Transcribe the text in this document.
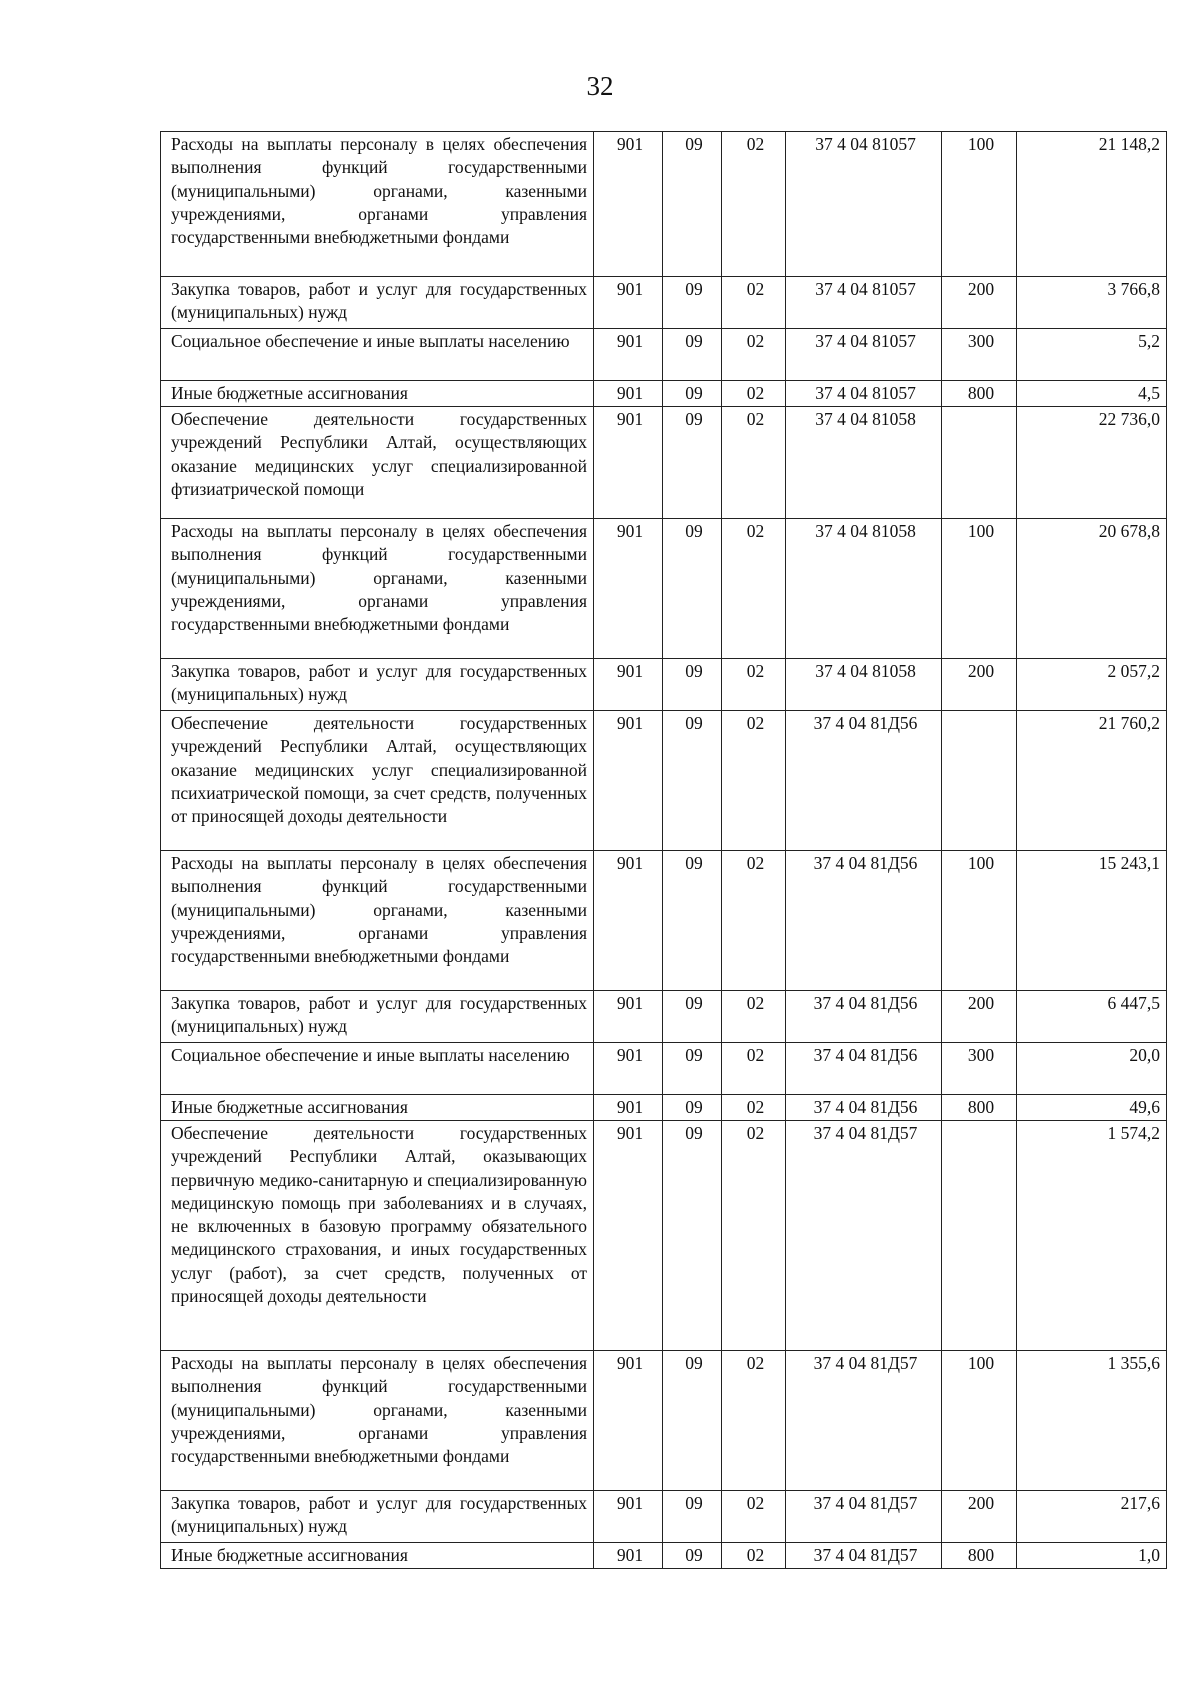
32
Расходы на выплаты персоналу в целях обеспечения выполнения функций государственными (муниципальными) органами, казенными учреждениями, органами управления государственными внебюджетными фондами	901	09	02	37 4 04 81057	100	21 148,2
Закупка товаров, работ и услуг для государственных (муниципальных) нужд	901	09	02	37 4 04 81057	200	3 766,8
Социальное обеспечение и иные выплаты населению	901	09	02	37 4 04 81057	300	5,2
Иные бюджетные ассигнования	901	09	02	37 4 04 81057	800	4,5
Обеспечение деятельности государственных учреждений Республики Алтай, осуществляющих оказание медицинских услуг специализированной фтизиатрической помощи	901	09	02	37 4 04 81058		22 736,0
Расходы на выплаты персоналу в целях обеспечения выполнения функций государственными (муниципальными) органами, казенными учреждениями, органами управления государственными внебюджетными фондами	901	09	02	37 4 04 81058	100	20 678,8
Закупка товаров, работ и услуг для государственных (муниципальных) нужд	901	09	02	37 4 04 81058	200	2 057,2
Обеспечение деятельности государственных учреждений Республики Алтай, осуществляющих оказание медицинских услуг специализированной психиатрической помощи, за счет средств, полученных от приносящей доходы деятельности	901	09	02	37 4 04 81Д56		21 760,2
Расходы на выплаты персоналу в целях обеспечения выполнения функций государственными (муниципальными) органами, казенными учреждениями, органами управления государственными внебюджетными фондами	901	09	02	37 4 04 81Д56	100	15 243,1
Закупка товаров, работ и услуг для государственных (муниципальных) нужд	901	09	02	37 4 04 81Д56	200	6 447,5
Социальное обеспечение и иные выплаты населению	901	09	02	37 4 04 81Д56	300	20,0
Иные бюджетные ассигнования	901	09	02	37 4 04 81Д56	800	49,6
Обеспечение деятельности государственных учреждений Республики Алтай, оказывающих первичную медико-санитарную и специализированную медицинскую помощь при заболеваниях и в случаях, не включенных в базовую программу обязательного медицинского страхования, и иных государственных услуг (работ), за счет средств, полученных от приносящей доходы деятельности	901	09	02	37 4 04 81Д57		1 574,2
Расходы на выплаты персоналу в целях обеспечения выполнения функций государственными (муниципальными) органами, казенными учреждениями, органами управления государственными внебюджетными фондами	901	09	02	37 4 04 81Д57	100	1 355,6
Закупка товаров, работ и услуг для государственных (муниципальных) нужд	901	09	02	37 4 04 81Д57	200	217,6
Иные бюджетные ассигнования	901	09	02	37 4 04 81Д57	800	1,0
